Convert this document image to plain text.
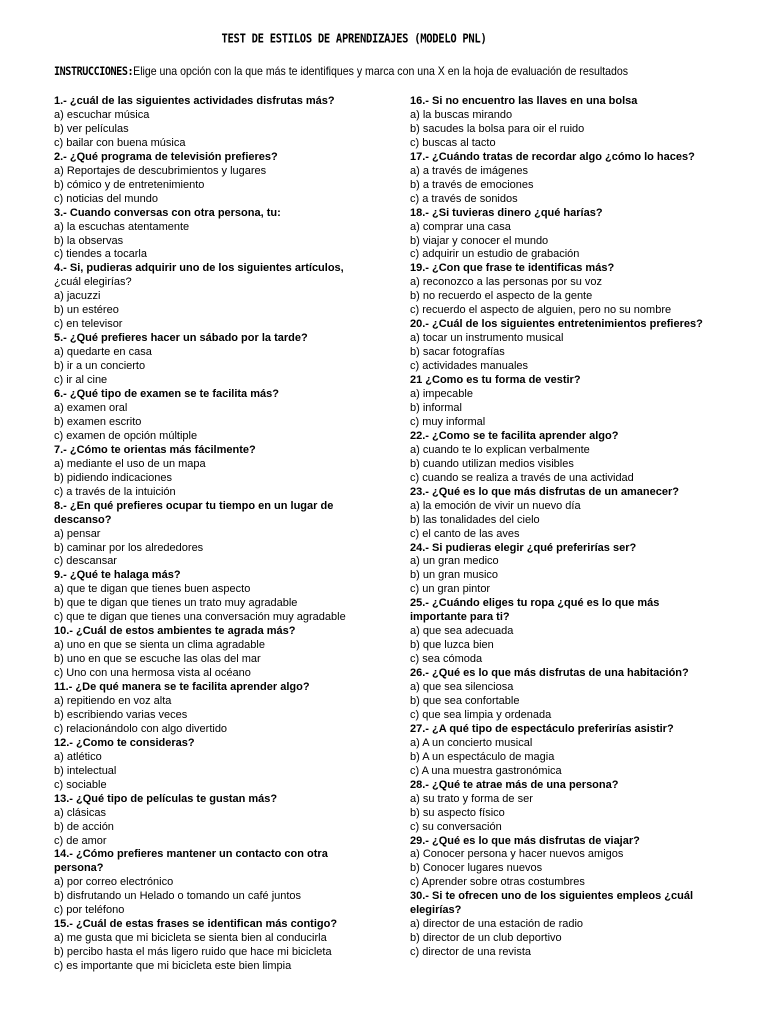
TEST DE ESTILOS DE APRENDIZAJES (MODELO PNL)
INSTRUCCIONES:Elige una opción con la que más te identifiques y marca con una X en la hoja de evaluación de resultados
1.- ¿cuál de las siguientes actividades disfrutas más?
a) escuchar música
b) ver películas
c) bailar con buena música
2.- ¿Qué programa de televisión prefieres?
a) Reportajes de descubrimientos y lugares
b) cómico y de entretenimiento
c) noticias del mundo
3.- Cuando conversas con otra persona, tu:
a) la escuchas atentamente
b) la observas
c) tiendes a tocarla
4.- Si, pudieras adquirir uno de los siguientes artículos,
¿cuál elegirías?
a) jacuzzi
b) un estéreo
c) en televisor
5.- ¿Qué prefieres hacer un sábado por la tarde?
a) quedarte en casa
b) ir a un concierto
c) ir al cine
6.- ¿Qué tipo de examen se te facilita más?
a) examen oral
b) examen escrito
c) examen de opción múltiple
7.- ¿Cómo te orientas más fácilmente?
a) mediante el uso de un mapa
b) pidiendo indicaciones
c) a través de la intuición
8.- ¿En qué prefieres ocupar tu tiempo en un lugar de
descanso?
a) pensar
b) caminar por los alrededores
c) descansar
9.- ¿Qué te halaga más?
a) que te digan que tienes buen aspecto
b) que te digan que tienes un trato muy agradable
c) que te digan que tienes una conversación muy agradable
10.- ¿Cuál de estos ambientes te agrada más?
a) uno en que se sienta un clima agradable
b) uno en que se escuche las olas del mar
c) Uno con una hermosa vista al océano
11.- ¿De qué manera se te facilita aprender algo?
a) repitiendo en voz alta
b) escribiendo varias veces
c) relacionándolo con algo divertido
12.- ¿Como te consideras?
a) atlético
b) intelectual
c) sociable
13.- ¿Qué tipo de películas te gustan más?
a) clásicas
b) de acción
c) de amor
14.- ¿Cómo prefieres mantener un contacto con otra
persona?
a) por correo electrónico
b) disfrutando un Helado o tomando un café juntos
c) por teléfono
15.- ¿Cuál de estas frases se identifican más contigo?
a) me gusta que mi bicicleta se sienta bien al conducirla
b) percibo hasta el más ligero ruido que hace mi bicicleta
c) es importante que mi bicicleta este bien limpia
16.- Si no encuentro las llaves en una bolsa
a) la buscas mirando
b) sacudes la bolsa para oir el ruido
c) buscas al tacto
17.- ¿Cuándo tratas de recordar algo ¿cómo lo haces?
a) a través de imágenes
b) a través de emociones
c) a través de sonidos
18.- ¿Si tuvieras dinero ¿qué harías?
a) comprar una casa
b) viajar y conocer el mundo
c) adquirir un estudio de grabación
19.- ¿Con que frase te identificas más?
a) reconozco a las personas por su voz
b) no recuerdo el aspecto de la gente
c) recuerdo el aspecto de alguien, pero no su nombre
20.- ¿Cuál de los siguientes entretenimientos prefieres?
a) tocar un instrumento musical
b) sacar fotografías
c) actividades manuales
21 ¿Como es tu forma de vestir?
a) impecable
b) informal
c) muy informal
22.- ¿Como se te facilita aprender algo?
a) cuando te lo explican verbalmente
b) cuando utilizan medios visibles
c) cuando se realiza a través de una actividad
23.- ¿Qué es lo que más disfrutas de un amanecer?
a) la emoción de vivir un nuevo día
b) las tonalidades del cielo
c) el canto de las aves
24.- Si pudieras elegir ¿qué preferirías ser?
a) un gran medico
b) un gran musico
c) un gran pintor
25.- ¿Cuándo eliges tu ropa ¿qué es lo que más
importante para ti?
a) que sea adecuada
b) que luzca bien
c) sea cómoda
26.- ¿Qué es lo que más disfrutas de una habitación?
a) que sea silenciosa
b) que sea confortable
c) que sea limpia y ordenada
27.- ¿A qué tipo de espectáculo preferirías asistir?
a) A un concierto musical
b) A un espectáculo de magia
c) A una muestra gastronómica
28.- ¿Qué te atrae más de una persona?
a) su trato y forma de ser
b) su aspecto físico
c) su conversación
29.- ¿Qué es lo que más disfrutas de viajar?
a) Conocer persona y hacer nuevos amigos
b) Conocer lugares nuevos
c) Aprender sobre otras costumbres
30.- Si te ofrecen uno de los siguientes empleos ¿cuál
elegirías?
a) director de una estación de radio
b) director de un club deportivo
c) director de una revista
